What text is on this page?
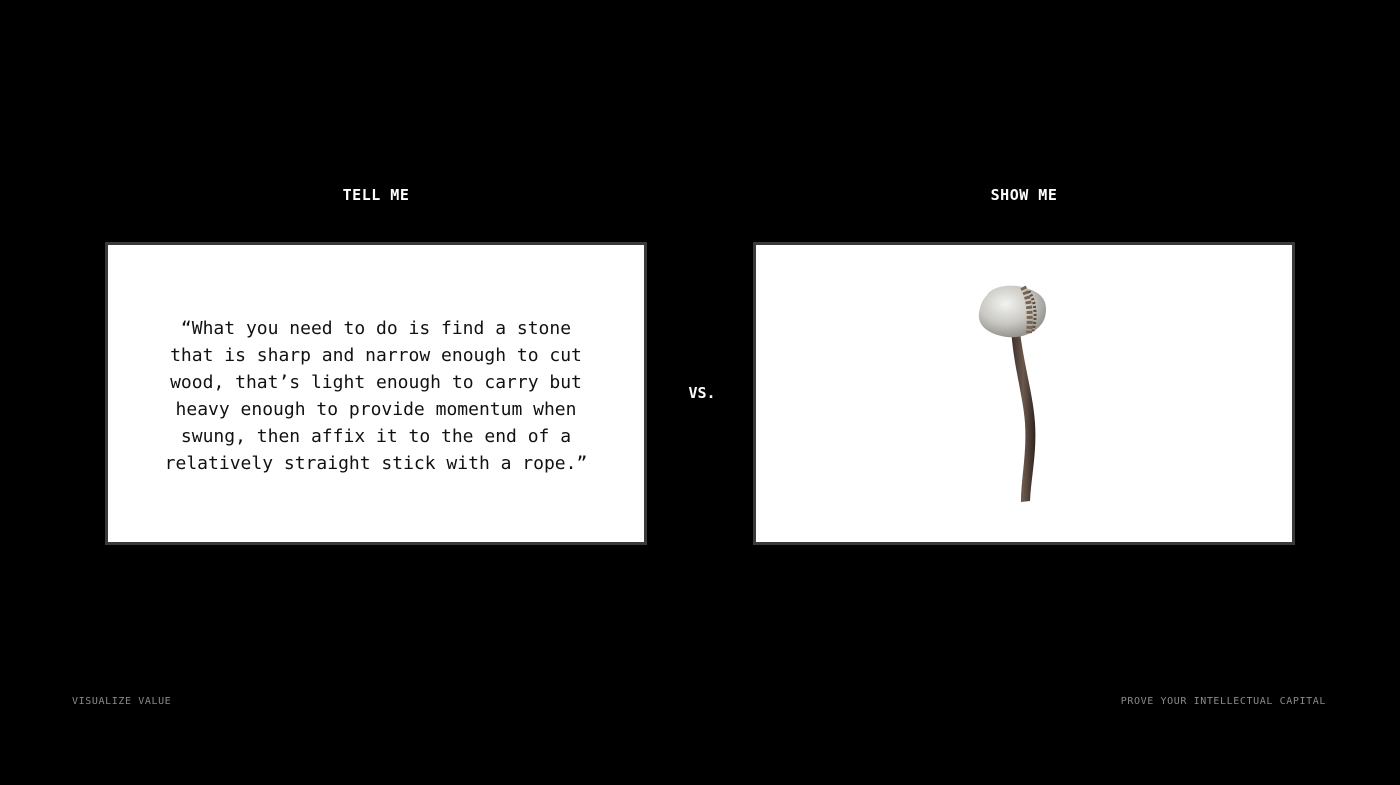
TELL ME	SHOW ME
“What you need to do is find a stone
that is sharp and narrow enough to cut
wood, that’s light enough to carry but
heavy enough to provide momentum when
swung, then affix it to the end of a
relatively straight stick with a rope.”
VS.
VISUALIZE VALUE	PROVE YOUR INTELLECTUAL CAPITAL
